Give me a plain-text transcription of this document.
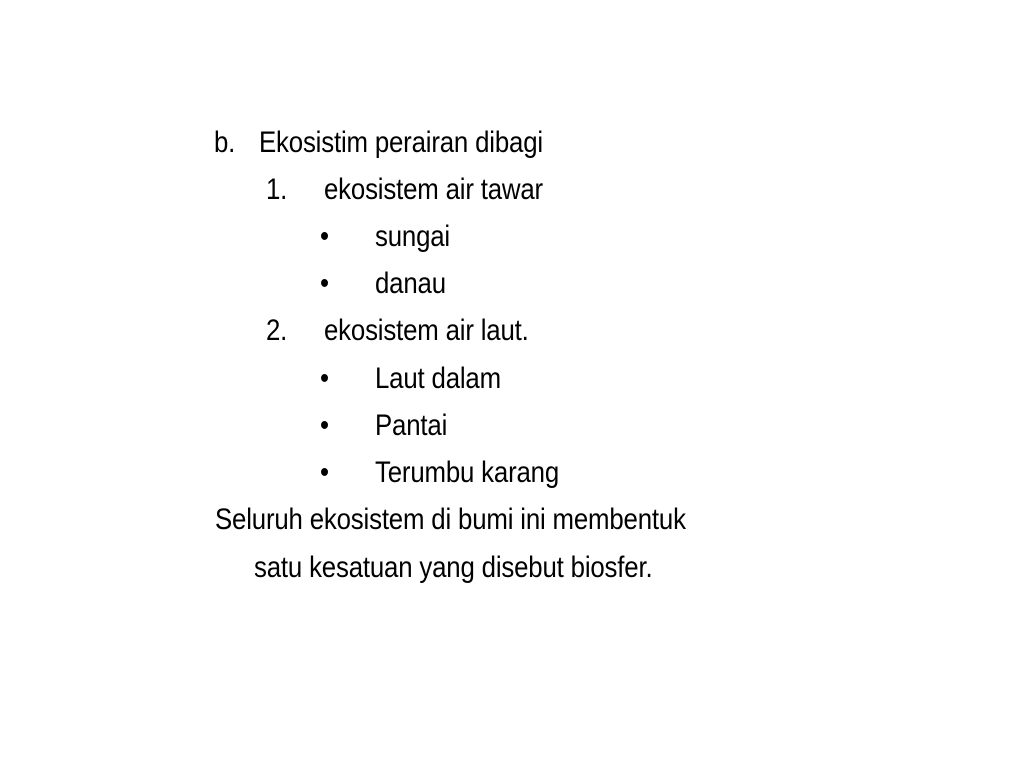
b. Ekosistim perairan dibagi
1. ekosistem air tawar
• sungai
• danau
2. ekosistem air laut.
• Laut dalam
• Pantai
• Terumbu karang
Seluruh ekosistem di bumi ini membentuk
satu kesatuan yang disebut biosfer.
